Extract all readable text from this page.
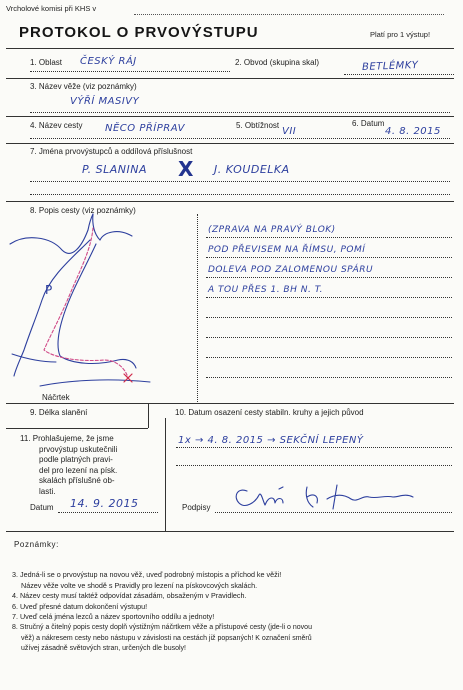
Vrcholové komisi při KHS v
PROTOKOL O PRVOVÝSTUPU	Platí pro 1 výstup!
1. Oblast ČESKÝ RÁJ	2. Obvod (skupina skal)	BETLÉMKY
3. Název věže (viz poznámky)
VÝŘÍ MASIVY
4. Název cesty NĚCO PŘÍPRAV	5. Obtížnost
VII
6. Datum
4. 8. 2015
7. Jména prvovýstupců a oddílová příslušnost
P. SLANINA X J. KOUDELKA
8. Popis cesty (viz poznámky)
(ZPRAVA NA PRAVÝ BLOK)
POD PŘEVISEM NA ŘÍMSU, POMÍ
DOLEVA POD ZALOMENOU SPÁRU
A TOU PŘES 1. BH N. T.
P
Náčrtek
9. Délka slanění	10. Datum osazení cesty stabiln. kruhy a jejich původ
1x → 4. 8. 2015 → SEKČNÍ LEPENÝ
11. Prohlašujeme, že jsme
prvovýstup uskutečnili
podle platných pravi-
del pro lezení na písk.
skalách příslušné ob-
lasti.
Datum 14. 9. 2015	Podpisy
Poznámky:
3. Jedná-li se o prvovýstup na novou věž, uveď podrobný místopis a příchod ke věži!
Název věže volte ve shodě s Pravidly pro lezení na pískovcových skalách.
4. Název cesty musí taktéž odpovídat zásadám, obsaženým v Pravidlech.
6. Uveď přesné datum dokončení výstupu!
7. Uveď celá jména lezců a název sportovního oddílu a jednoty!
8. Stručný a čitelný popis cesty doplň výstižným náčrtkem věže a přístupové cesty (jde-li o novou
věž) a nákresem cesty nebo nástupu v závislosti na cestách již popsaných! K označení směrů
užívej zásadně světových stran, určených dle busoly!
